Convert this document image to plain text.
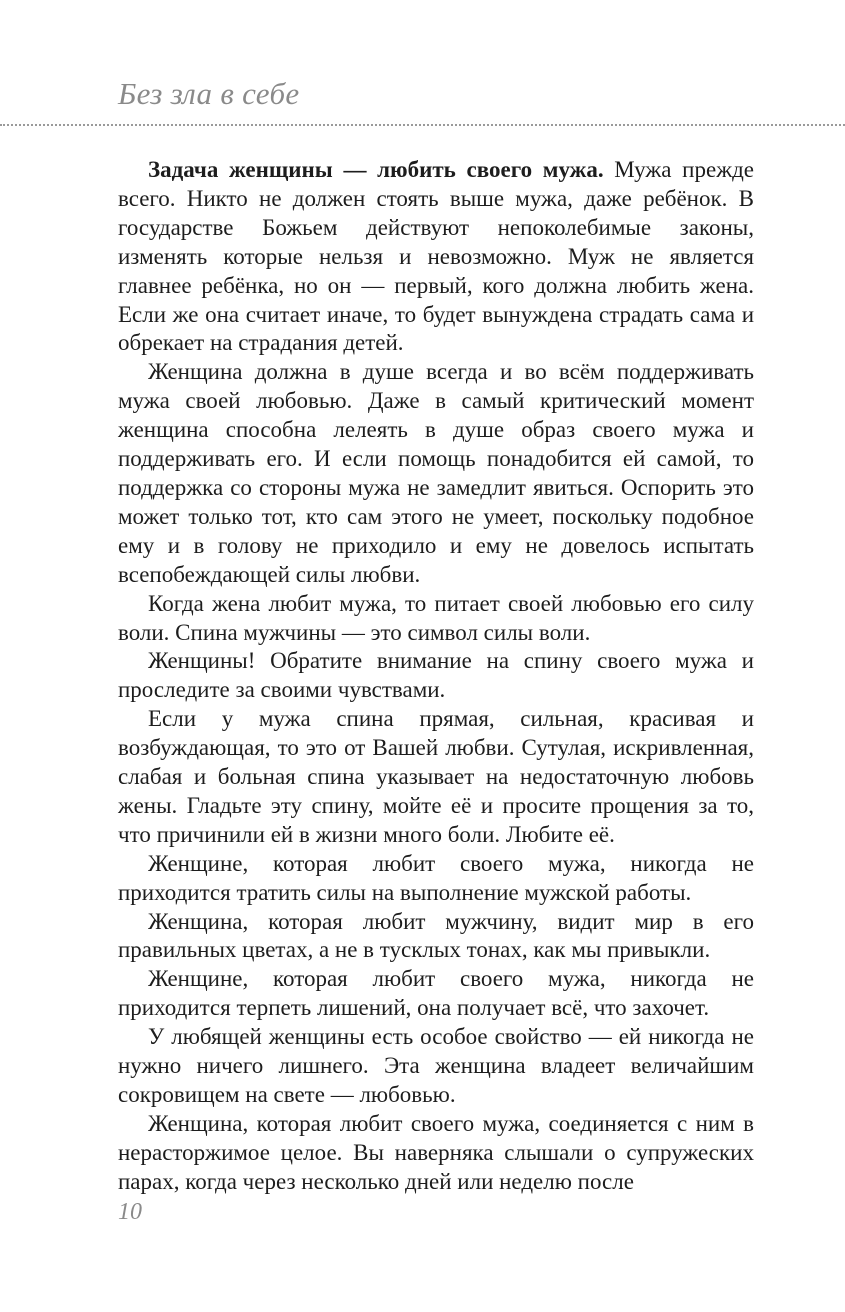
Без зла в себе

Задача женщины — любить своего мужа. Мужа прежде всего. Никто не должен стоять выше мужа, даже ребёнок. В государстве Божьем действуют непоколебимые законы, изменять которые нельзя и невозможно. Муж не является главнее ребёнка, но он — первый, кого должна любить жена. Если же она считает иначе, то будет вынуждена страдать сама и обрекает на страдания детей.

Женщина должна в душе всегда и во всём поддерживать мужа своей любовью. Даже в самый критический момент женщина способна лелеять в душе образ своего мужа и поддерживать его. И если помощь понадобится ей самой, то поддержка со стороны мужа не замедлит явиться. Оспорить это может только тот, кто сам этого не умеет, поскольку подобное ему и в голову не приходило и ему не довелось испытать всепобеждающей силы любви.

Когда жена любит мужа, то питает своей любовью его силу воли. Спина мужчины — это символ силы воли.

Женщины! Обратите внимание на спину своего мужа и проследите за своими чувствами.

Если у мужа спина прямая, сильная, красивая и возбуждающая, то это от Вашей любви. Сутулая, искривленная, слабая и больная спина указывает на недостаточную любовь жены. Гладьте эту спину, мойте её и просите прощения за то, что причинили ей в жизни много боли. Любите её.

Женщине, которая любит своего мужа, никогда не приходится тратить силы на выполнение мужской работы.

Женщина, которая любит мужчину, видит мир в его правильных цветах, а не в тусклых тонах, как мы привыкли.

Женщине, которая любит своего мужа, никогда не приходится терпеть лишений, она получает всё, что захочет.

У любящей женщины есть особое свойство — ей никогда не нужно ничего лишнего. Эта женщина владеет величайшим сокровищем на свете — любовью.

Женщина, которая любит своего мужа, соединяется с ним в нерасторжимое целое. Вы наверняка слышали о супружеских парах, когда через несколько дней или неделю после

10
